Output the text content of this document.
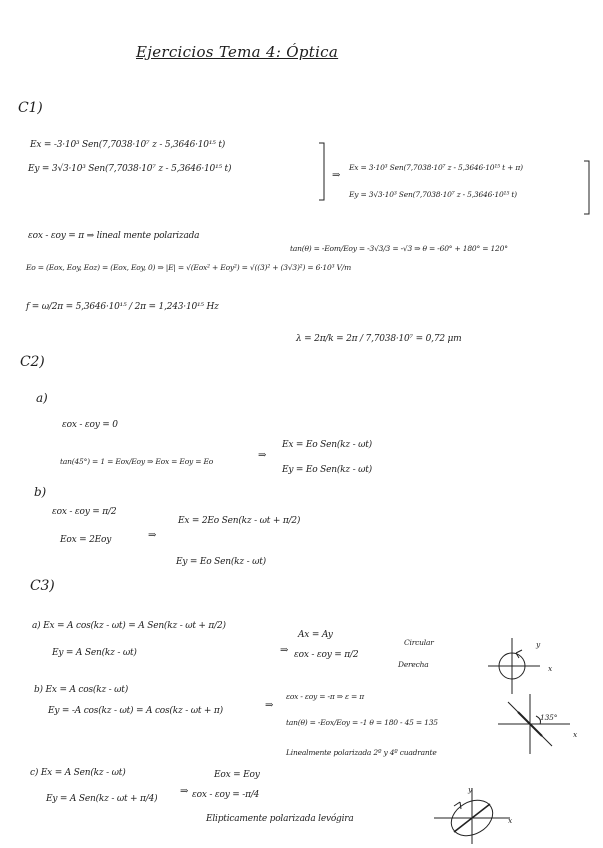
Ejercicios Tema 4: Óptica
C1)
Ex = -3·10³ Sen(7,7038·10⁷ z - 5,3646·10¹⁵ t)
Ey = 3√3·10³ Sen(7,7038·10⁷ z - 5,3646·10¹⁵ t)
⇒
Ex = 3·10³ Sen(7,7038·10⁷ z - 5,3646·10¹⁵ t + π)
Ey = 3√3·10³ Sen(7,7038·10⁷ z - 5,3646·10¹⁵ t)
εox - εoy = π ⇒ lineal mente polarizada
tan(θ) = -Eom/Eoy = -3√3/3 = -√3 ⇒ θ = -60° + 180° = 120°
Eo = (Eox, Eoy, Eoz) = (Eox, Eoy, 0) ⇒ |E| = √(Eox² + Eoy²) = √((3)² + (3√3)²) = 6·10³ V/m
f = ω/2π = 5,3646·10¹⁵ / 2π = 1,243·10¹⁵ Hz
λ = 2π/k = 2π / 7,7038·10⁷ = 0,72 μm
C2)
a)
εox - εoy = 0
tan(45°) = 1 = Eox/Eoy ⇒ Eox = Eoy = Eo
⇒
Ex = Eo Sen(kz - ωt)
Ey = Eo Sen(kz - ωt)
b)
εox - εoy = π/2
Eox = 2Eoy	⇒
Ex = 2Eo Sen(kz - ωt + π/2)
Ey = Eo Sen(kz - ωt)
C3)
a) Ex = A cos(kz - ωt) = A Sen(kz - ωt + π/2)
Ey = A Sen(kz - ωt)	⇒
Ax = Ay
εox - εoy = π/2
Circular
Derecha
y
x
b) Ex = A cos(kz - ωt)
Ey = -A cos(kz - ωt) = A cos(kz - ωt + π)	⇒
εox - εoy = -π ⇒ ε = π
tan(θ) = -Eox/Eoy = -1 θ = 180 - 45 = 135
Linealmente polarizada 2º y 4º cuadrante
135°
x
c) Ex = A Sen(kz - ωt)
Ey = A Sen(kz - ωt + π/4)
⇒
Eox = Eoy
εox - εoy = -π/4
Elipticamente polarizada levógira
y
x
